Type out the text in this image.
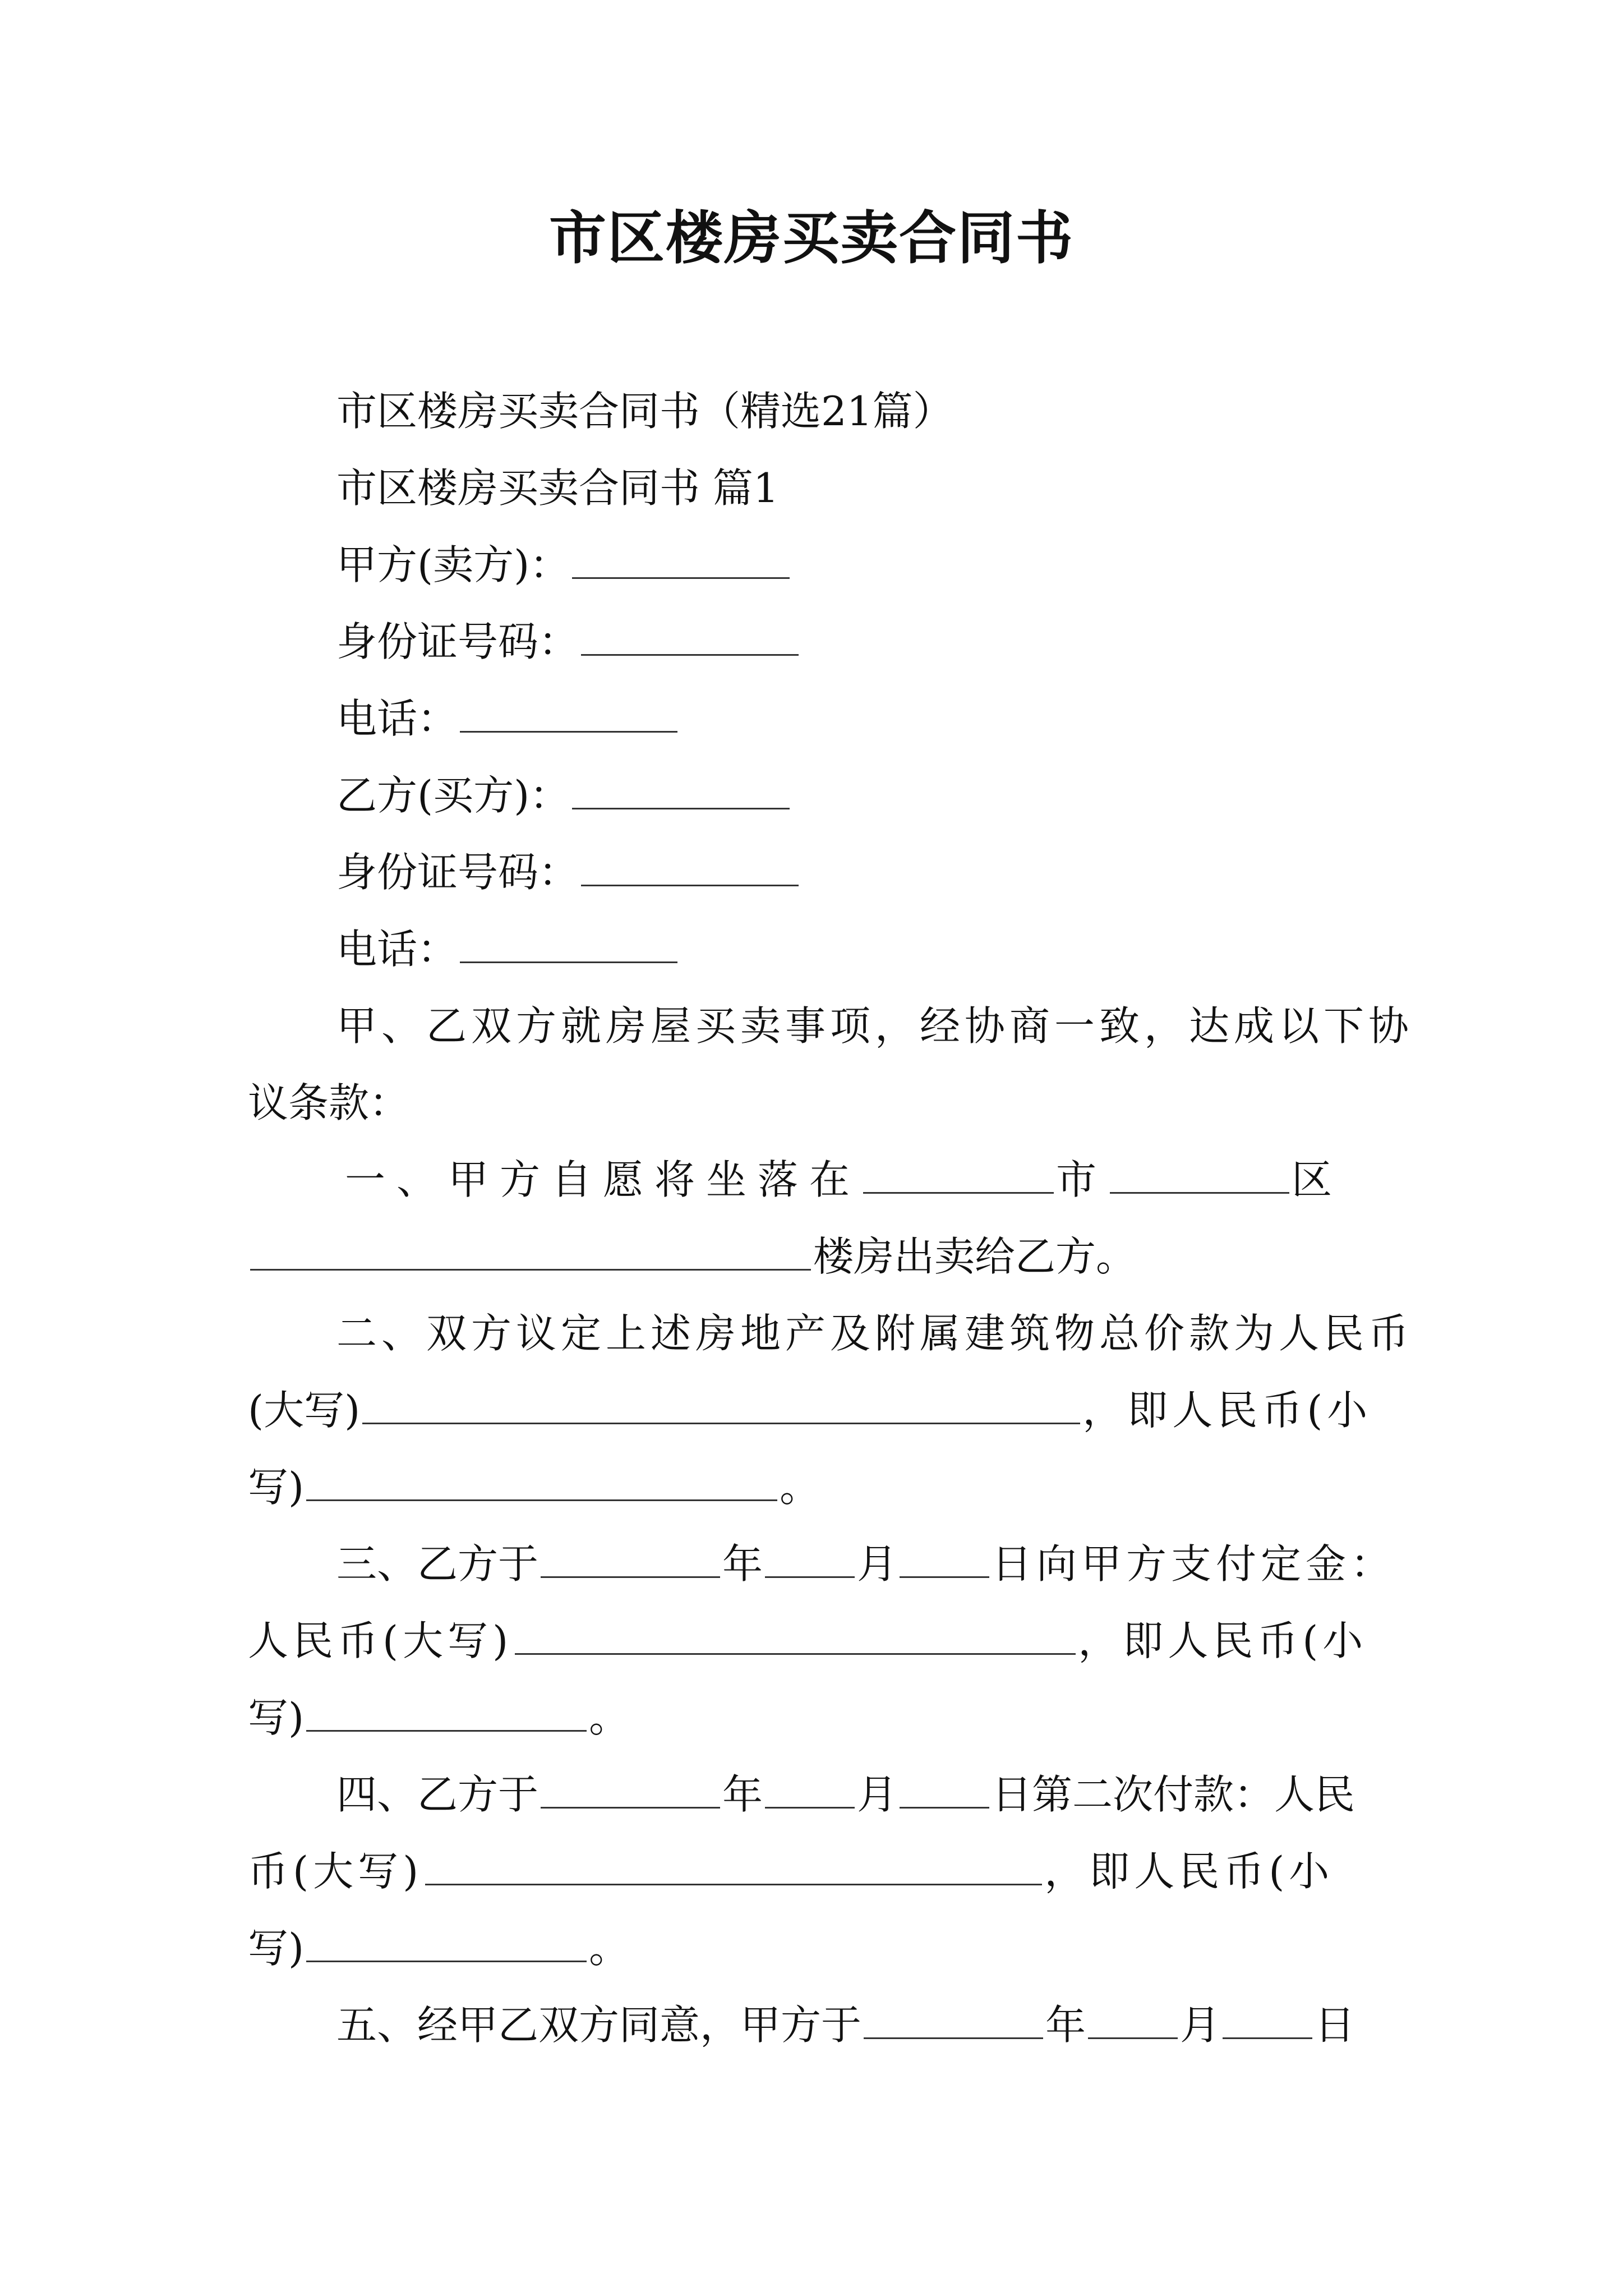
市区楼房买卖合同书
市区楼房买卖合同书（精选21篇）
市区楼房买卖合同书 篇1
甲方(卖方)：
身份证号码：
电话：
乙方(买方)：
身份证号码：
电话：
甲、乙双方就房屋买卖事项，经协商一致，达成以下协
议条款：
一、甲方自愿将坐落在	市	区
楼房出卖给乙方。
二、双方议定上述房地产及附属建筑物总价款为人民币
(大写)	，即人民币(小
写)	。
三、乙方于	年 月 日向甲方支付定金：
人民币(大写)	，即人民币(小
写)	。
四、乙方于	年 月 日第二次付款：人民
币(大写)	，即人民币(小
写)	。
五、经甲乙双方同意，甲方于	年 月 日
